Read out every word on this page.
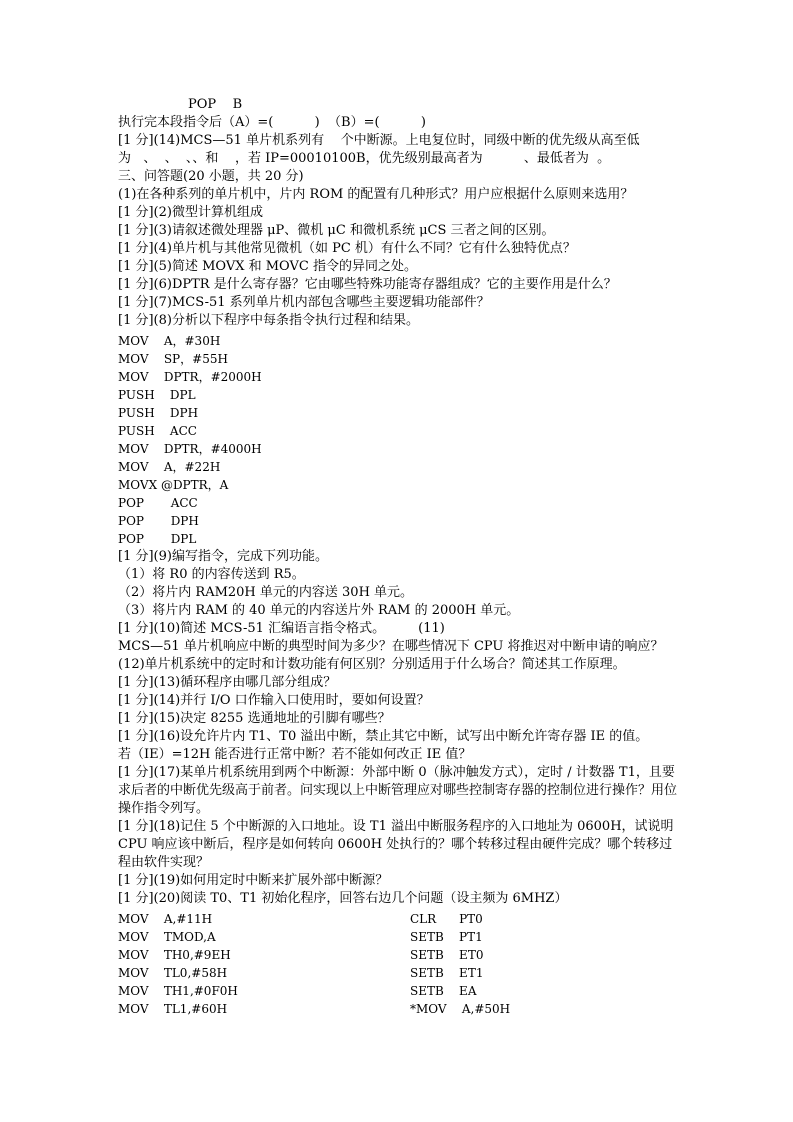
POP    B
执行完本段指令后（A）=(          )  （B）=(          )
[1 分](14)MCS—51 单片机系列有    个中断源。上电复位时，同级中断的优先级从高至低
为   、  、  、、和    ，若 IP=00010100B，优先级别最高者为          、最低者为  。
三、问答题(20 小题，共 20 分)
(1)在各种系列的单片机中，片内 ROM 的配置有几种形式？用户应根据什么原则来选用？
[1 分](2)微型计算机组成
[1 分](3)请叙述微处理器 μP、微机 μC 和微机系统 μCS 三者之间的区别。
[1 分](4)单片机与其他常见微机（如 PC 机）有什么不同？它有什么独特优点？
[1 分](5)简述 MOVX 和 MOVC 指令的异同之处。
[1 分](6)DPTR 是什么寄存器？它由哪些特殊功能寄存器组成？它的主要作用是什么？
[1 分](7)MCS-51 系列单片机内部包含哪些主要逻辑功能部件？
[1 分](8)分析以下程序中每条指令执行过程和结果。
MOV    A，#30H
MOV    SP，#55H
MOV    DPTR，#2000H
PUSH    DPL
PUSH    DPH
PUSH    ACC
MOV    DPTR，#4000H
MOV    A，#22H
MOVX @DPTR，A
POP       ACC
POP       DPH
POP       DPL
[1 分](9)编写指令，完成下列功能。
（1）将 R0 的内容传送到 R5。
（2）将片内 RAM20H 单元的内容送 30H 单元。
（3）将片内 RAM 的 40 单元的内容送片外 RAM 的 2000H 单元。
[1 分](10)简述 MCS-51 汇编语言指令格式。        (11)
MCS—51 单片机响应中断的典型时间为多少？在哪些情况下 CPU 将推迟对中断申请的响应？
(12)单片机系统中的定时和计数功能有何区别？分别适用于什么场合？简述其工作原理。
[1 分](13)循环程序由哪几部分组成？
[1 分](14)并行 I/O 口作输入口使用时，要如何设置？
[1 分](15)决定 8255 选通地址的引脚有哪些？
[1 分](16)设允许片内 T1、T0 溢出中断，禁止其它中断，试写出中断允许寄存器 IE 的值。
若（IE）=12H 能否进行正常中断？若不能如何改正 IE 值？
[1 分](17)某单片机系统用到两个中断源：外部中断 0（脉冲触发方式），定时 / 计数器 T1，且要求后者的中断优先级高于前者。问实现以上中断管理应对哪些控制寄存器的控制位进行操作？用位操作指令列写。
[1 分](18)记住 5 个中断源的入口地址。设 T1 溢出中断服务程序的入口地址为 0600H，试说明 CPU 响应该中断后，程序是如何转向 0600H 处执行的？哪个转移过程由硬件完成？哪个转移过程由软件实现？
[1 分](19)如何用定时中断来扩展外部中断源？
[1 分](20)阅读 T0、T1 初始化程序，回答右边几个问题（设主频为 6MHZ）
MOV    A,#11H
MOV    TMOD,A
MOV    TH0,#9EH
MOV    TL0,#58H
MOV    TH1,#0F0H
MOV    TL1,#60H
CLR      PT0
SETB    PT1
SETB    ET0
SETB    ET1
SETB    EA
*MOV    A,#50H
